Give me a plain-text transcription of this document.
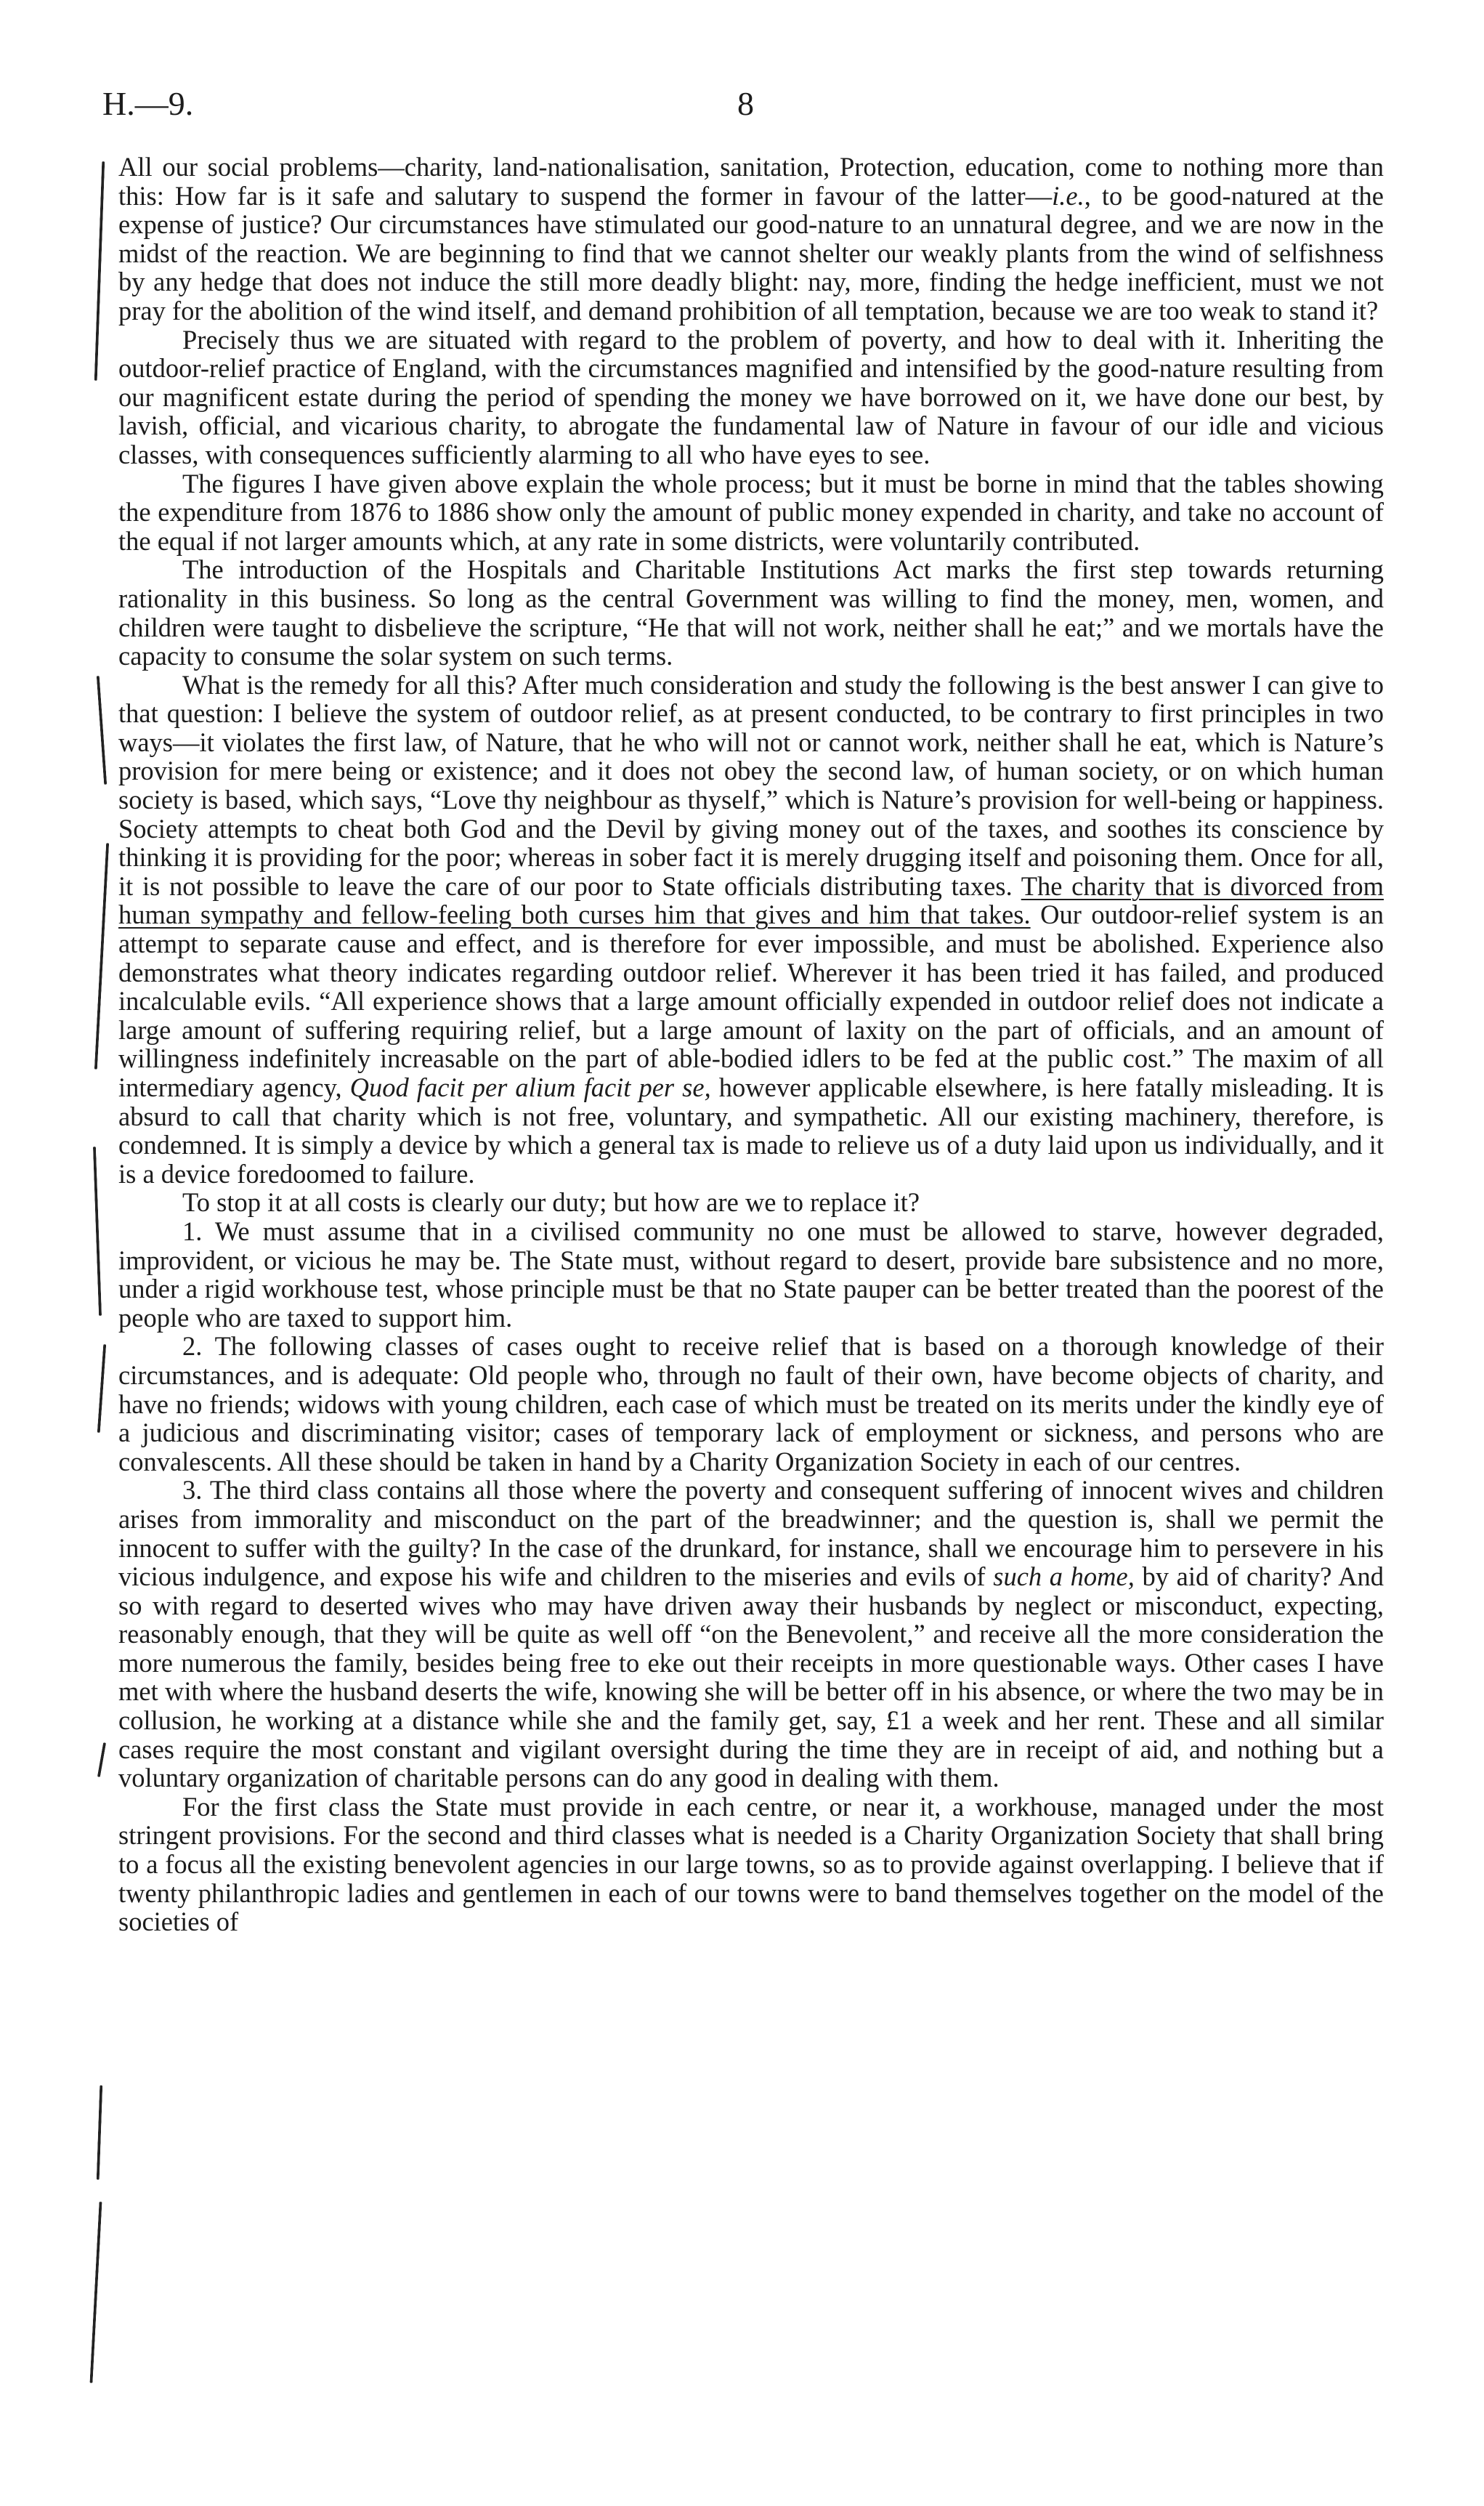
H.—9.	8

All our social problems—charity, land-nationalisation, sanitation, Protection, education, come to nothing more than this: How far is it safe and salutary to suspend the former in favour of the latter—i.e., to be good-natured at the expense of justice? Our circumstances have stimulated our good-nature to an unnatural degree, and we are now in the midst of the reaction. We are beginning to find that we cannot shelter our weakly plants from the wind of selfishness by any hedge that does not induce the still more deadly blight: nay, more, finding the hedge inefficient, must we not pray for the abolition of the wind itself, and demand prohibition of all temptation, because we are too weak to stand it?

Precisely thus we are situated with regard to the problem of poverty, and how to deal with it. Inheriting the outdoor-relief practice of England, with the circumstances magnified and intensified by the good-nature resulting from our magnificent estate during the period of spending the money we have borrowed on it, we have done our best, by lavish, official, and vicarious charity, to abrogate the fundamental law of Nature in favour of our idle and vicious classes, with consequences sufficiently alarming to all who have eyes to see.

The figures I have given above explain the whole process; but it must be borne in mind that the tables showing the expenditure from 1876 to 1886 show only the amount of public money expended in charity, and take no account of the equal if not larger amounts which, at any rate in some districts, were voluntarily contributed.

The introduction of the Hospitals and Charitable Institutions Act marks the first step towards returning rationality in this business. So long as the central Government was willing to find the money, men, women, and children were taught to disbelieve the scripture, “He that will not work, neither shall he eat;” and we mortals have the capacity to consume the solar system on such terms.

What is the remedy for all this? After much consideration and study the following is the best answer I can give to that question: I believe the system of outdoor relief, as at present conducted, to be contrary to first principles in two ways—it violates the first law, of Nature, that he who will not or cannot work, neither shall he eat, which is Nature’s provision for mere being or existence; and it does not obey the second law, of human society, or on which human society is based, which says, “Love thy neighbour as thyself,” which is Nature’s provision for well-being or happiness. Society attempts to cheat both God and the Devil by giving money out of the taxes, and soothes its conscience by thinking it is providing for the poor; whereas in sober fact it is merely drugging itself and poisoning them. Once for all, it is not possible to leave the care of our poor to State officials distributing taxes. The charity that is divorced from human sympathy and fellow-feeling both curses him that gives and him that takes. Our outdoor-relief system is an attempt to separate cause and effect, and is therefore for ever impossible, and must be abolished. Experience also demonstrates what theory indicates regarding outdoor relief. Wherever it has been tried it has failed, and produced incalculable evils. “All experience shows that a large amount officially expended in outdoor relief does not indicate a large amount of suffering requiring relief, but a large amount of laxity on the part of officials, and an amount of willingness indefinitely increasable on the part of able-bodied idlers to be fed at the public cost.” The maxim of all intermediary agency, Quod facit per alium facit per se, however applicable elsewhere, is here fatally misleading. It is absurd to call that charity which is not free, voluntary, and sympathetic. All our existing machinery, therefore, is condemned. It is simply a device by which a general tax is made to relieve us of a duty laid upon us individually, and it is a device foredoomed to failure.

To stop it at all costs is clearly our duty; but how are we to replace it?

1. We must assume that in a civilised community no one must be allowed to starve, however degraded, improvident, or vicious he may be. The State must, without regard to desert, provide bare subsistence and no more, under a rigid workhouse test, whose principle must be that no State pauper can be better treated than the poorest of the people who are taxed to support him.

2. The following classes of cases ought to receive relief that is based on a thorough knowledge of their circumstances, and is adequate: Old people who, through no fault of their own, have become objects of charity, and have no friends; widows with young children, each case of which must be treated on its merits under the kindly eye of a judicious and discriminating visitor; cases of temporary lack of employment or sickness, and persons who are convalescents. All these should be taken in hand by a Charity Organization Society in each of our centres.

3. The third class contains all those where the poverty and consequent suffering of innocent wives and children arises from immorality and misconduct on the part of the breadwinner; and the question is, shall we permit the innocent to suffer with the guilty? In the case of the drunkard, for instance, shall we encourage him to persevere in his vicious indulgence, and expose his wife and children to the miseries and evils of such a home, by aid of charity? And so with regard to deserted wives who may have driven away their husbands by neglect or misconduct, expecting, reasonably enough, that they will be quite as well off “on the Benevolent,” and receive all the more consideration the more numerous the family, besides being free to eke out their receipts in more questionable ways. Other cases I have met with where the husband deserts the wife, knowing she will be better off in his absence, or where the two may be in collusion, he working at a distance while she and the family get, say, £1 a week and her rent. These and all similar cases require the most constant and vigilant oversight during the time they are in receipt of aid, and nothing but a voluntary organization of charitable persons can do any good in dealing with them.

For the first class the State must provide in each centre, or near it, a workhouse, managed under the most stringent provisions. For the second and third classes what is needed is a Charity Organization Society that shall bring to a focus all the existing benevolent agencies in our large towns, so as to provide against overlapping. I believe that if twenty philanthropic ladies and gentlemen in each of our towns were to band themselves together on the model of the societies of
